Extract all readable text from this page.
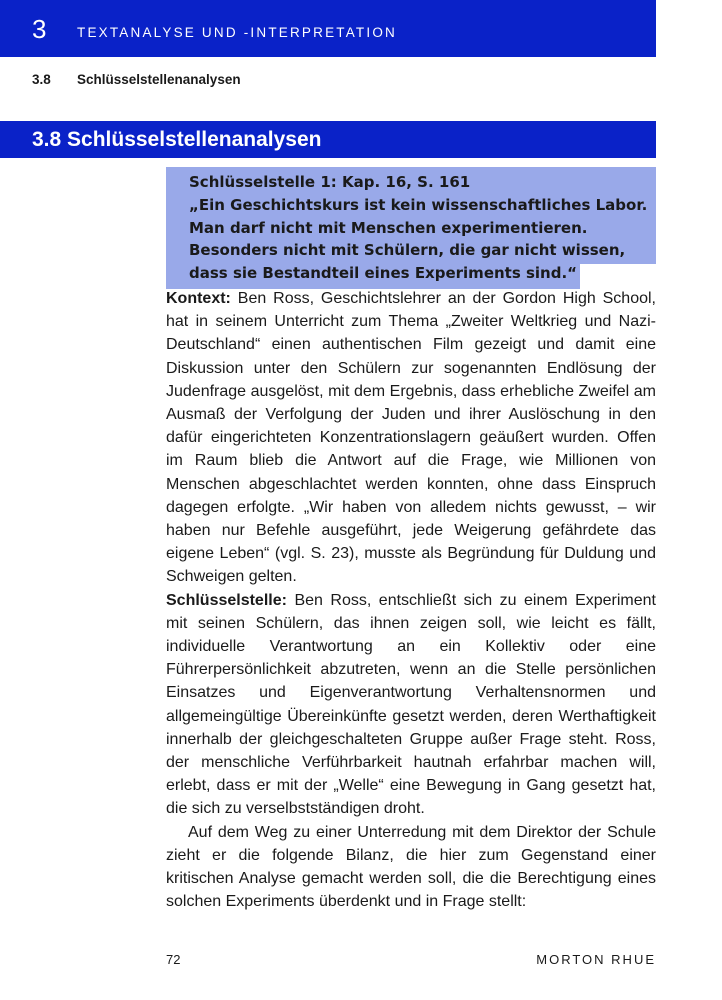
3 TEXTANALYSE UND -INTERPRETATION
3.8 Schlüsselstellenanalysen
3.8 Schlüsselstellenanalysen
Schlüsselstelle 1: Kap. 16, S. 161
„Ein Geschichtskurs ist kein wissenschaftliches Labor.
Man darf nicht mit Menschen experimentieren.
Besonders nicht mit Schülern, die gar nicht wissen,
dass sie Bestandteil eines Experiments sind.“

Kontext: Ben Ross, Geschichtslehrer an der Gordon High School, hat in seinem Unterricht zum Thema „Zweiter Weltkrieg und Nazi-Deutschland“ einen authentischen Film gezeigt und damit eine Diskussion unter den Schülern zur sogenannten Endlösung der Judenfrage ausgelöst, mit dem Ergebnis, dass erhebliche Zweifel am Ausmaß der Verfolgung der Juden und ihrer Auslöschung in den dafür eingerichteten Konzentrationslagern geäußert wurden. Offen im Raum blieb die Antwort auf die Frage, wie Millionen von Menschen abgeschlachtet werden konnten, ohne dass Einspruch dagegen erfolgte. „Wir haben von alledem nichts gewusst, – wir haben nur Befehle ausgeführt, jede Weigerung gefährdete das eigene Leben“ (vgl. S. 23), musste als Begründung für Duldung und Schweigen gelten.

Schlüsselstelle: Ben Ross, entschließt sich zu einem Experiment mit seinen Schülern, das ihnen zeigen soll, wie leicht es fällt, individuelle Verantwortung an ein Kollektiv oder eine Führerpersönlichkeit abzutreten, wenn an die Stelle persönlichen Einsatzes und Eigenverantwortung Verhaltensnormen und allgemeingültige Übereinkünfte gesetzt werden, deren Werthaftigkeit innerhalb der gleichgeschalteten Gruppe außer Frage steht. Ross, der menschliche Verführbarkeit hautnah erfahrbar machen will, erlebt, dass er mit der „Welle“ eine Bewegung in Gang gesetzt hat, die sich zu verselbstständigen droht.

Auf dem Weg zu einer Unterredung mit dem Direktor der Schule zieht er die folgende Bilanz, die hier zum Gegenstand einer kritischen Analyse gemacht werden soll, die die Berechtigung eines solchen Experiments überdenkt und in Frage stellt:

72	MORTON RHUE
